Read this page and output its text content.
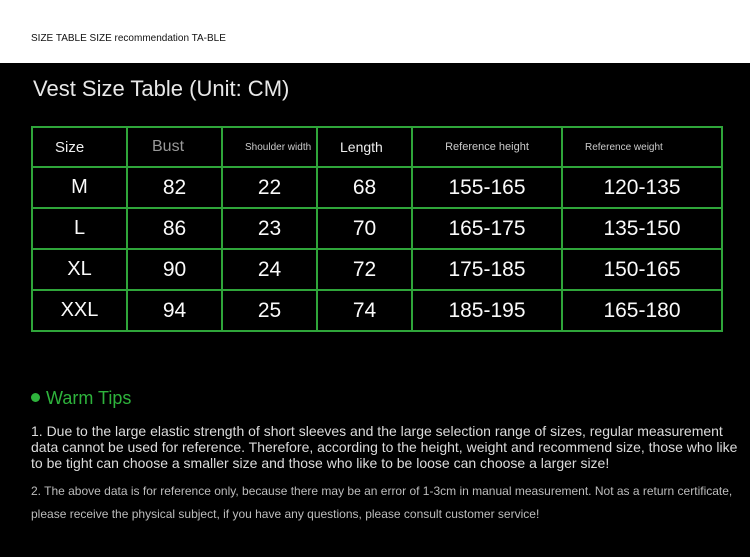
SIZE TABLE SIZE recommendation TA-BLE
Vest Size Table (Unit: CM)
Size	Bust	Shoulder width	Length	Reference height	Reference weight
M	82	22	68	155-165	120-135
L	86	23	70	165-175	135-150
XL	90	24	72	175-185	150-165
XXL	94	25	74	185-195	165-180
Warm Tips

1. Due to the large elastic strength of short sleeves and the large selection range of sizes, regular measurement data cannot be used for reference. Therefore, according to the height, weight and recommend size, those who like to be tight can choose a smaller size and those who like to be loose can choose a larger size!

2. The above data is for reference only, because there may be an error of 1-3cm in manual measurement. Not as a return certificate, please receive the physical subject, if you have any questions, please consult customer service!
